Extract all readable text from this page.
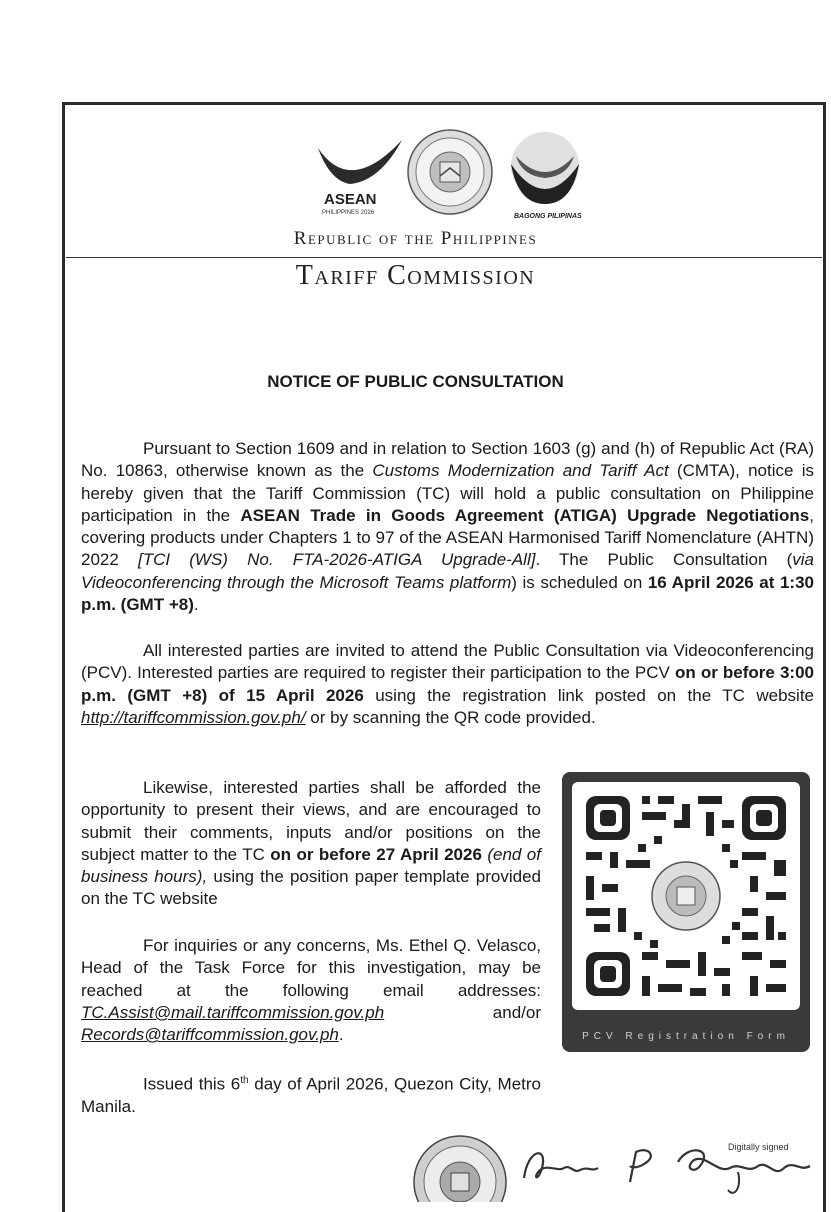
ASEAN
PHILIPPINES 2026	BAGONG PILIPINAS
Republic of the Philippines
Tariff Commission
NOTICE OF PUBLIC CONSULTATION
Pursuant to Section 1609 and in relation to Section 1603 (g) and (h) of Republic Act (RA) No. 10863, otherwise known as the Customs Modernization and Tariff Act (CMTA), notice is hereby given that the Tariff Commission (TC) will hold a public consultation on Philippine participation in the ASEAN Trade in Goods Agreement (ATIGA) Upgrade Negotiations, covering products under Chapters 1 to 97 of the ASEAN Harmonised Tariff Nomenclature (AHTN) 2022 [TCI (WS) No. FTA-2026-ATIGA Upgrade-All]. The Public Consultation (via Videoconferencing through the Microsoft Teams platform) is scheduled on 16 April 2026 at 1:30 p.m. (GMT +8).
All interested parties are invited to attend the Public Consultation via Videoconferencing (PCV). Interested parties are required to register their participation to the PCV on or before 3:00 p.m. (GMT +8) of 15 April 2026 using the registration link posted on the TC website http://tariffcommission.gov.ph/ or by scanning the QR code provided.
Likewise, interested parties shall be afforded the opportunity to present their views, and are encouraged to submit their comments, inputs and/or positions on the subject matter to the TC on or before 27 April 2026 (end of business hours), using the position paper template provided on the TC website
For inquiries or any concerns, Ms. Ethel Q. Velasco, Head of the Task Force for this investigation, may be reached at the following email addresses: TC.Assist@mail.tariffcommission.gov.ph and/or Records@tariffcommission.gov.ph.
Issued this 6th day of April 2026, Quezon City, Metro Manila.
PCV Registration Form
Digitally signed
